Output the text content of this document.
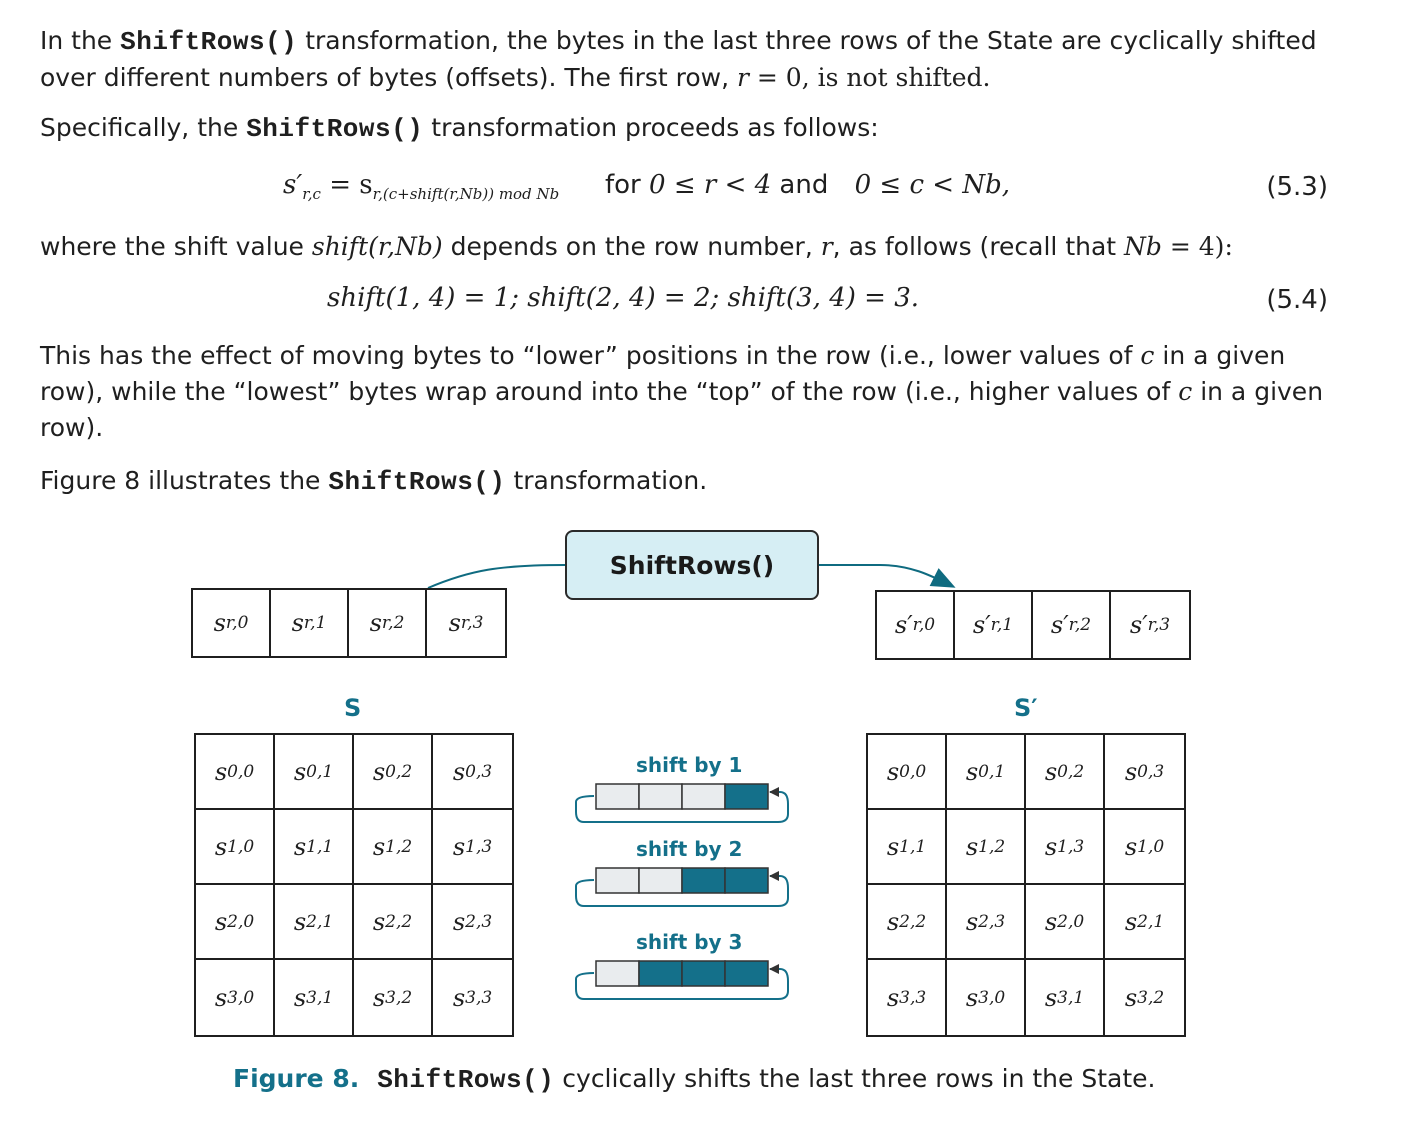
In the ShiftRows() transformation, the bytes in the last three rows of the State are cyclically shifted over different numbers of bytes (offsets). The first row, r = 0, is not shifted.

Specifically, the ShiftRows() transformation proceeds as follows:

$s'_{r,c} = s_{r,(c+shift(r,Nb)) mod Nb}$ for 0 ≤ r < 4 and 0 ≤ c < Nb,	(5.3)

where the shift value shift(r,Nb) depends on the row number, r, as follows (recall that Nb = 4):

shift(1, 4) = 1; shift(2, 4) = 2; shift(3, 4) = 3.	(5.4)

This has the effect of moving bytes to “lower” positions in the row (i.e., lower values of c in a given row), while the “lowest” bytes wrap around into the “top” of the row (i.e., higher values of c in a given row).

Figure 8 illustrates the ShiftRows() transformation.

ShiftRows()
s r,0	s r,1	s r,2	s r,3	s′ r,0	s′ r,1	s′ r,2	s′ r,3
S	S′
s 0,0	s 0,1	s 0,2	s 0,3
s 1,0	s 1,1	s 1,2	s 1,3
s 2,0	s 2,1	s 2,2	s 2,3
s 3,0	s 3,1	s 3,2	s 3,3
s 0,0	s 0,1	s 0,2	s 0,3
s 1,1	s 1,2	s 1,3	s 1,0
s 2,2	s 2,3	s 2,0	s 2,1
s 3,3	s 3,0	s 3,1	s 3,2
shift by 1
shift by 2
shift by 3
Figure 8. ShiftRows() cyclically shifts the last three rows in the State.
